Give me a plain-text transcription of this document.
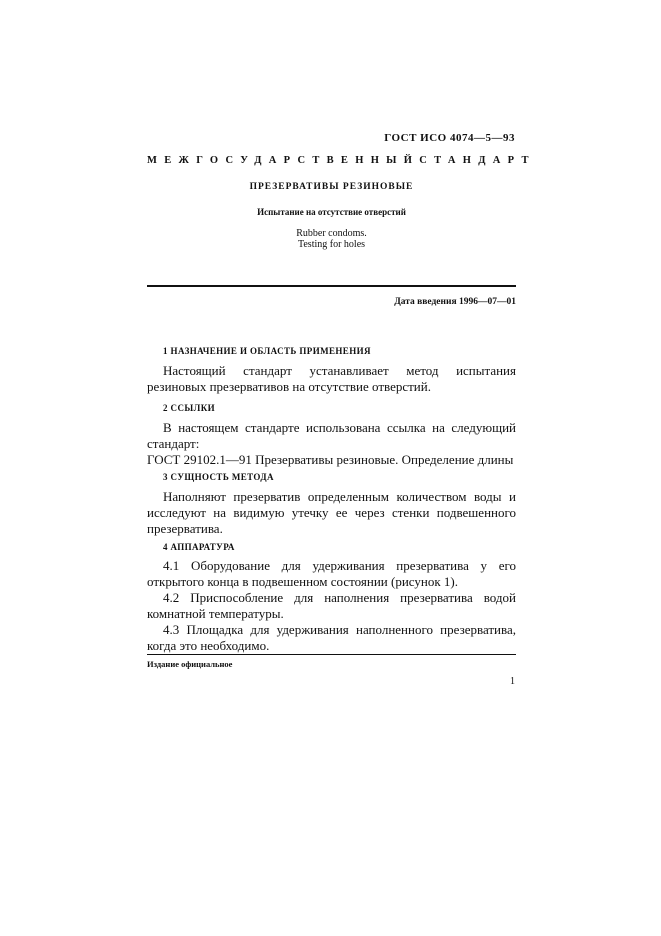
ГОСТ ИСО 4074—5—93
МЕЖГОСУДАРСТВЕННЫЙ СТАНДАРТ
ПРЕЗЕРВАТИВЫ РЕЗИНОВЫЕ
Испытание на отсутствие отверстий
Rubber condoms.
Testing for holes
Дата введения 1996—07—01
1 НАЗНАЧЕНИЕ И ОБЛАСТЬ ПРИМЕНЕНИЯ

Настоящий стандарт устанавливает метод испытания резиновых презервативов на отсутствие отверстий.

2 ССЫЛКИ

В настоящем стандарте использована ссылка на следующий стандарт:

ГОСТ 29102.1—91 Презервативы резиновые. Определение длины

3 СУЩНОСТЬ МЕТОДА

Наполняют презерватив определенным количеством воды и исследуют на видимую утечку ее через стенки подвешенного презерватива.

4 АППАРАТУРА

4.1 Оборудование для удерживания презерватива у его открытого конца в подвешенном состоянии (рисунок 1).

4.2 Приспособление для наполнения презерватива водой комнатной температуры.

4.3 Площадка для удерживания наполненного презерватива, когда это необходимо.

Издание официальное
1
